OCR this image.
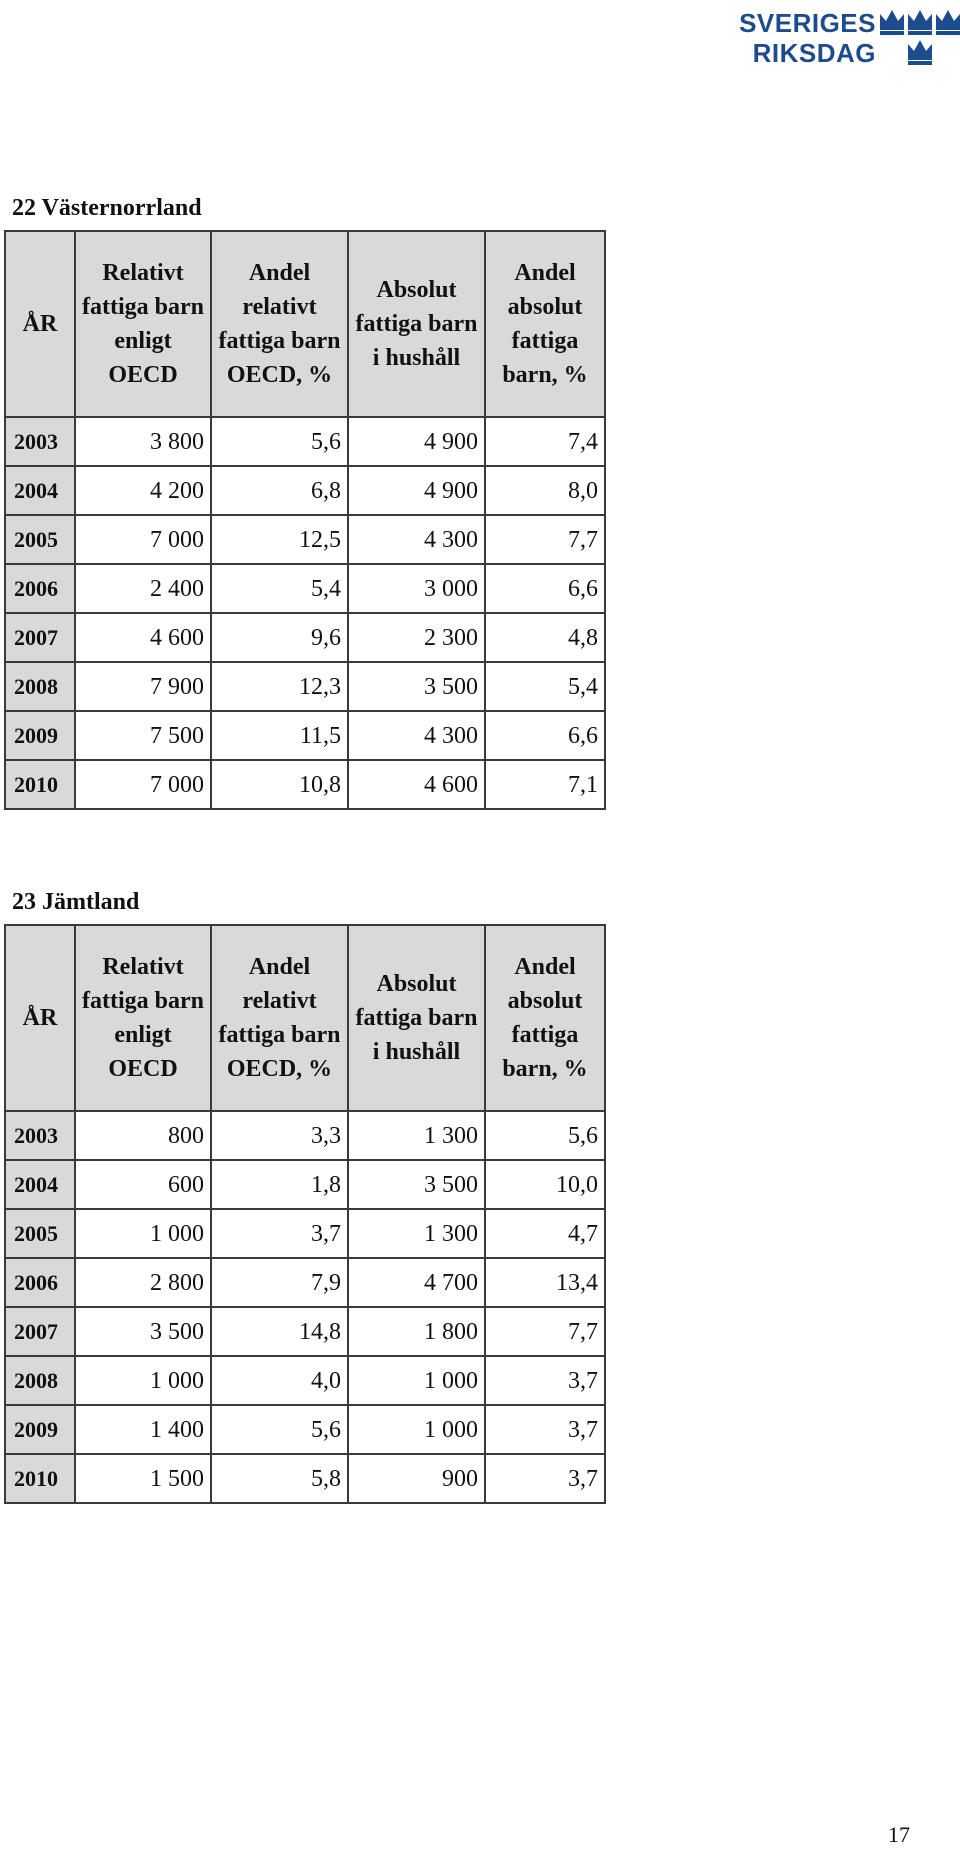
SVERIGES
RIKSDAG
22 Västernorrland
ÅR	Relativt fattiga barn enligt OECD	Andel relativt fattiga barn OECD, %	Absolut fattiga barn i hushåll	Andel absolut fattiga barn, %
2003	3 800	5,6	4 900	7,4
2004	4 200	6,8	4 900	8,0
2005	7 000	12,5	4 300	7,7
2006	2 400	5,4	3 000	6,6
2007	4 600	9,6	2 300	4,8
2008	7 900	12,3	3 500	5,4
2009	7 500	11,5	4 300	6,6
2010	7 000	10,8	4 600	7,1
23 Jämtland
ÅR	Relativt fattiga barn enligt OECD	Andel relativt fattiga barn OECD, %	Absolut fattiga barn i hushåll	Andel absolut fattiga barn, %
2003	800	3,3	1 300	5,6
2004	600	1,8	3 500	10,0
2005	1 000	3,7	1 300	4,7
2006	2 800	7,9	4 700	13,4
2007	3 500	14,8	1 800	7,7
2008	1 000	4,0	1 000	3,7
2009	1 400	5,6	1 000	3,7
2010	1 500	5,8	900	3,7
17
